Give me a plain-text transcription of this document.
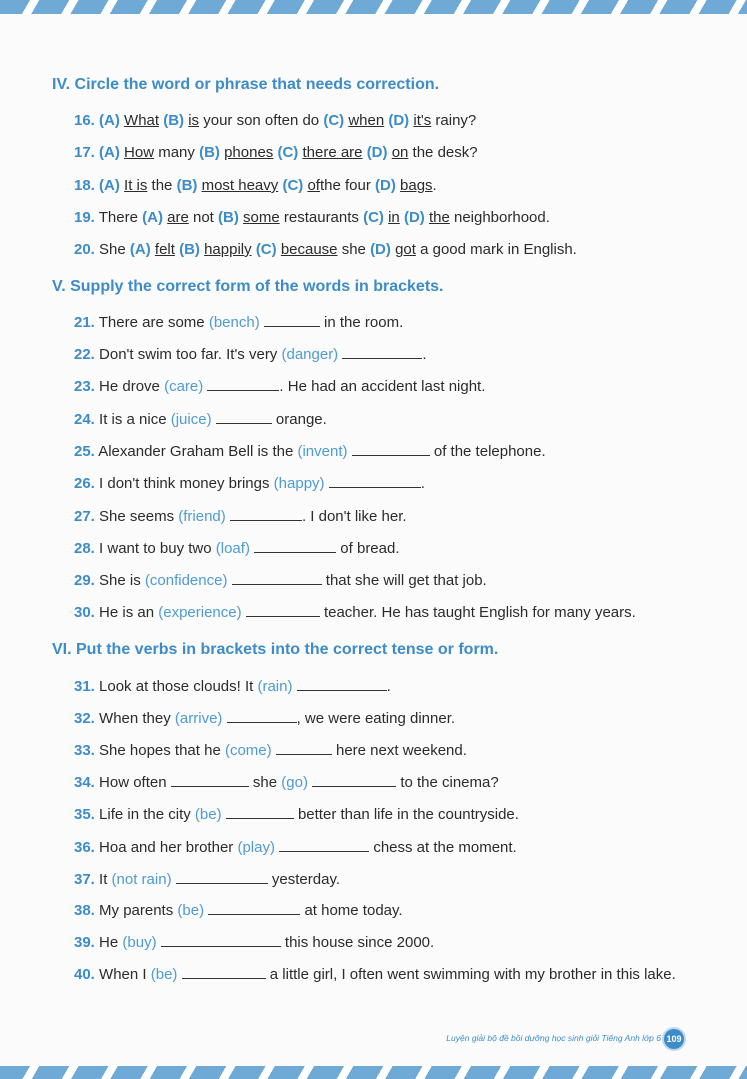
IV. Circle the word or phrase that needs correction.

16. (A) What (B) is your son often do (C) when (D) it's rainy?

17. (A) How many (B) phones (C) there are (D) on the desk?

18. (A) It is the (B) most heavy (C) ofthe four (D) bags.

19. There (A) are not (B) some restaurants (C) in (D) the neighborhood.

20. She (A) felt (B) happily (C) because she (D) got a good mark in English.

V. Supply the correct form of the words in brackets.

21. There are some (bench)	in the room.

22. Don't swim too far. It's very (danger)	.

23. He drove (care)	. He had an accident last night.

24. It is a nice (juice)	orange.

25. Alexander Graham Bell is the (invent)	of the telephone.

26. I don't think money brings (happy)	.

27. She seems (friend)	. I don't like her.

28. I want to buy two (loaf)	of bread.

29. She is (confidence)	that she will get that job.

30. He is an (experience)	teacher. He has taught English for many years.

VI. Put the verbs in brackets into the correct tense or form.

31. Look at those clouds! It (rain)	.

32. When they (arrive)	, we were eating dinner.

33. She hopes that he (come)	here next weekend.

34. How often	she (go)	to the cinema?

35. Life in the city (be)	better than life in the countryside.

36. Hoa and her brother (play)	chess at the moment.

37. It (not rain)	yesterday.

38. My parents (be)	at home today.

39. He (buy)	this house since 2000.

40. When I (be)	a little girl, I often went swimming with my brother in this lake.

Luyện giải bộ đề bồi dưỡng học sinh giỏi Tiếng Anh lớp 6 109
